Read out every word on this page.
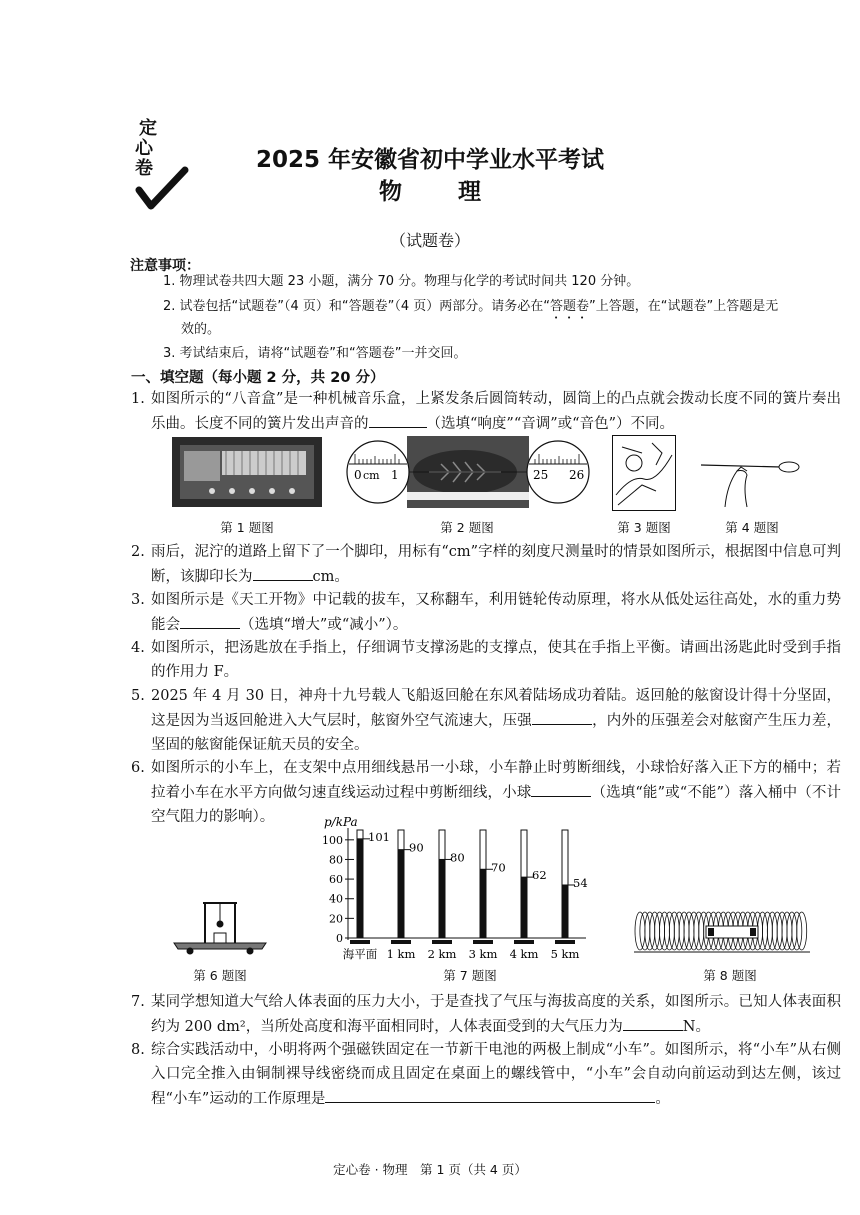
定
心
卷	2025 年安徽省初中学业水平考试
物 理
（试题卷）
注意事项：
1. 物理试卷共四大题 23 小题，满分 70 分。物理与化学的考试时间共 120 分钟。
2. 试卷包括“试题卷”（4 页）和“答题卷”（4 页）两部分。请务必在“答题卷”上答题，在“试题卷”上答题是无
效的。
3. 考试结束后，请将“试题卷”和“答题卷”一并交回。
一、填空题（每小题 2 分，共 20 分）
1. 如图所示的“八音盒”是一种机械音乐盒，上紧发条后圆筒转动，圆筒上的凸点就会拨动长度不同的簧片奏出乐曲。长度不同的簧片发出声音的	（选填“响度”“音调”或“音色”）不同。
第 1 题图
0 cm 1	25 26
第 2 题图	第 3 题图	第 4 题图
2. 雨后，泥泞的道路上留下了一个脚印，用标有“cm”字样的刻度尺测量时的情景如图所示，根据图中信息可判断，该脚印长为	cm。
3. 如图所示是《天工开物》中记载的拔车，又称翻车，利用链轮传动原理，将水从低处运往高处，水的重力势能会	（选填“增大”或“减小”）。
4. 如图所示，把汤匙放在手指上，仔细调节支撑汤匙的支撑点，使其在手指上平衡。请画出汤匙此时受到手指的作用力 F。
5. 2025 年 4 月 30 日，神舟十九号载人飞船返回舱在东风着陆场成功着陆。返回舱的舷窗设计得十分坚固，这是因为当返回舱进入大气层时，舷窗外空气流速大，压强	，内外的压强差会对舷窗产生压力差，坚固的舷窗能保证航天员的安全。
6. 如图所示的小车上，在支架中点用细线悬吊一小球，小车静止时剪断细线，小球恰好落入正下方的桶中；若拉着小车在水平方向做匀速直线运动过程中剪断细线，小球	（选填“能”或“不能”）落入桶中（不计空气阻力的影响）。
第 6 题图
p/kPa
0
20
40
60
80
100 101
海平面
90
1 km
80
2 km
70
3 km
62
4 km
54
5 km
第 7 题图	第 8 题图
7. 某同学想知道大气给人体表面的压力大小，于是查找了气压与海拔高度的关系，如图所示。已知人体表面积约为 200 dm²，当所处高度和海平面相同时，人体表面受到的大气压力为	N。
8. 综合实践活动中，小明将两个强磁铁固定在一节新干电池的两极上制成“小车”。如图所示，将“小车”从右侧入口完全推入由铜制裸导线密绕而成且固定在桌面上的螺线管中，“小车”会自动向前运动到达左侧，该过程“小车”运动的工作原理是	。
定心卷 · 物理　第 1 页（共 4 页）
